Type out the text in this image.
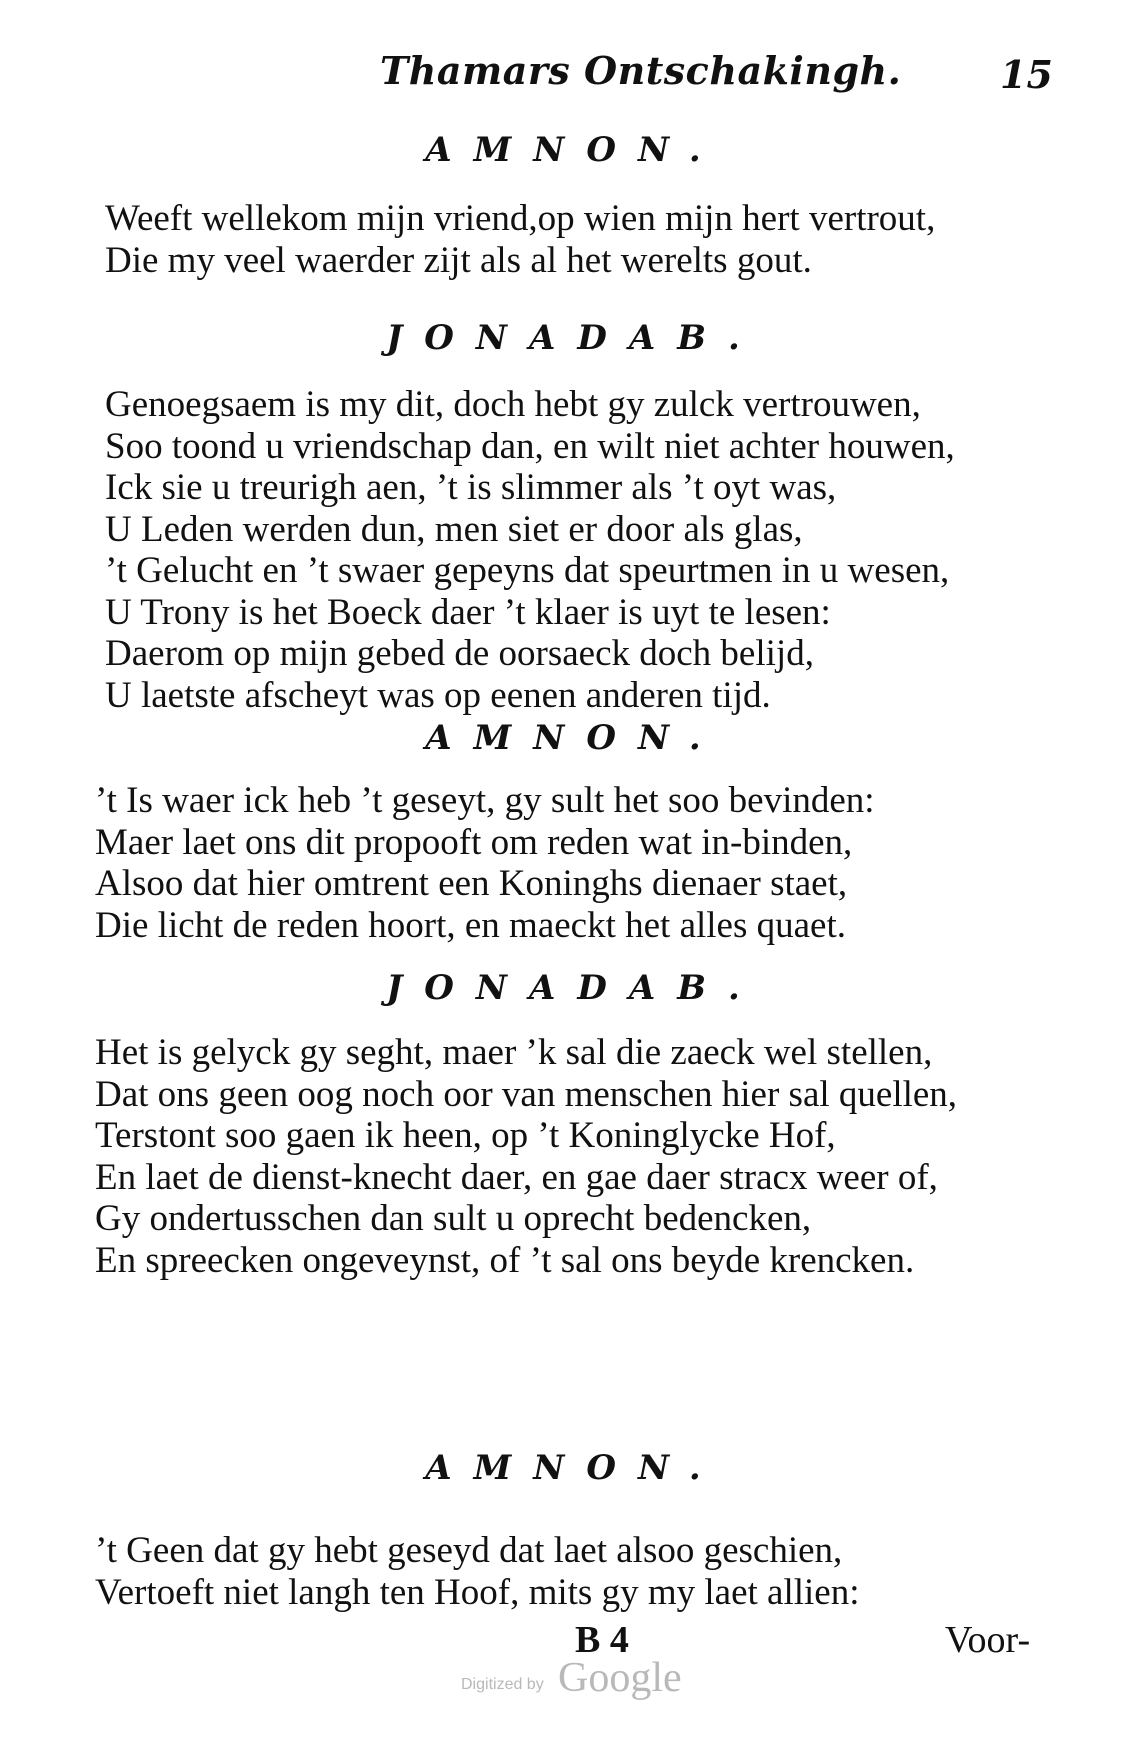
Thamars Ontschakingh.	15
AMNON.
Weeft wellekom mijn vriend,op wien mijn hert vertrout,
Die my veel waerder zijt als al het werelts gout.
JONADAB.
Genoegsaem is my dit, doch hebt gy zulck vertrouwen,
Soo toond u vriendschap dan, en wilt niet achter houwen,
Ick sie u treurigh aen, ’t is slimmer als ’t oyt was,
U Leden werden dun, men siet er door als glas,
’t Gelucht en ’t swaer gepeyns dat speurtmen in u wesen,
U Trony is het Boeck daer ’t klaer is uyt te lesen:
Daerom op mijn gebed de oorsaeck doch belijd,
U laetste afscheyt was op eenen anderen tijd.
AMNON.
’t Is waer ick heb ’t geseyt, gy sult het soo bevinden:
Maer laet ons dit propooft om reden wat in-binden,
Alsoo dat hier omtrent een Koninghs dienaer staet,
Die licht de reden hoort, en maeckt het alles quaet.
JONADAB.
Het is gelyck gy seght, maer ’k sal die zaeck wel stellen,
Dat ons geen oog noch oor van menschen hier sal quellen,
Terstont soo gaen ik heen, op ’t Koninglycke Hof,
En laet de dienst-knecht daer, en gae daer stracx weer of,
Gy ondertusschen dan sult u oprecht bedencken,
En spreecken ongeveynst, of ’t sal ons beyde krencken.
AMNON.
’t Geen dat gy hebt geseyd dat laet alsoo geschien,
Vertoeft niet langh ten Hoof, mits gy my laet allien:
B 4	Voor-
Digitized by Google
